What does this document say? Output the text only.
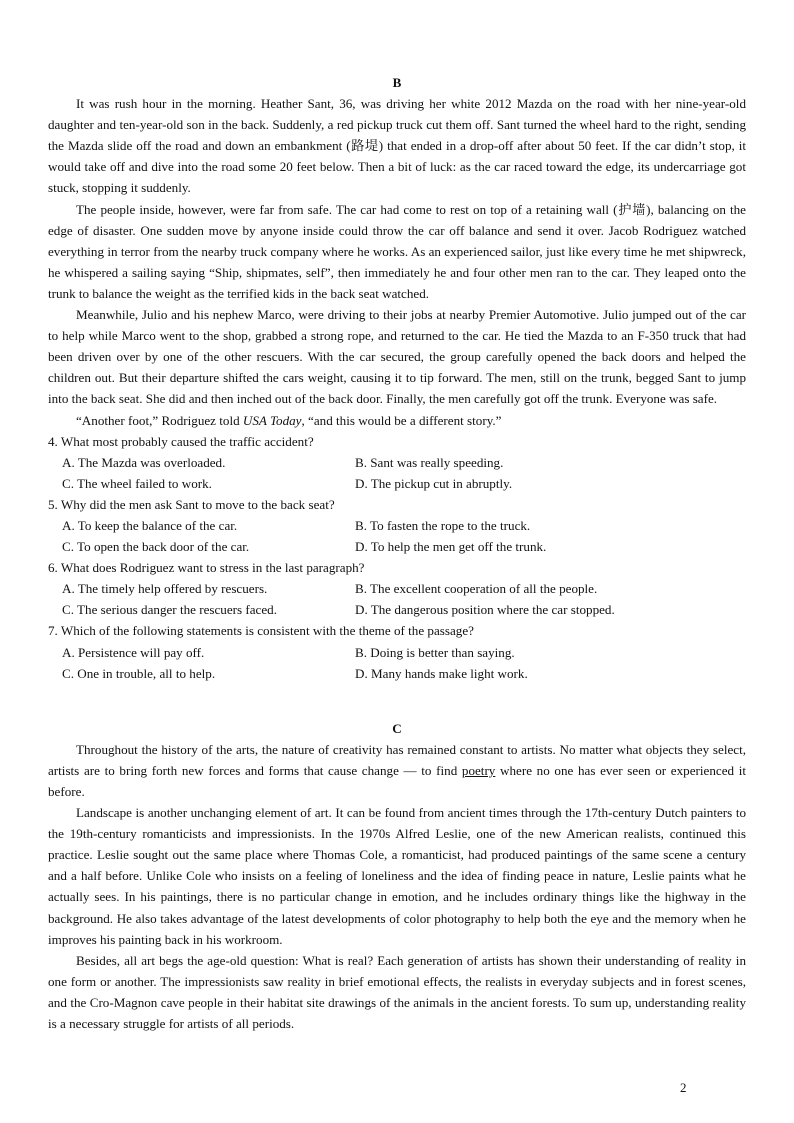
B

It was rush hour in the morning. Heather Sant, 36, was driving her white 2012 Mazda on the road with her nine-year-old daughter and ten-year-old son in the back. Suddenly, a red pickup truck cut them off. Sant turned the wheel hard to the right, sending the Mazda slide off the road and down an embankment (路堤) that ended in a drop-off after about 50 feet. If the car didn’t stop, it would take off and dive into the road some 20 feet below. Then a bit of luck: as the car raced toward the edge, its undercarriage got stuck, stopping it suddenly.

The people inside, however, were far from safe. The car had come to rest on top of a retaining wall (护墙), balancing on the edge of disaster. One sudden move by anyone inside could throw the car off balance and send it over. Jacob Rodriguez watched everything in terror from the nearby truck company where he works. As an experienced sailor, just like every time he met shipwreck, he whispered a sailing saying “Ship, shipmates, self”, then immediately he and four other men ran to the car. They leaped onto the trunk to balance the weight as the terrified kids in the back seat watched.

Meanwhile, Julio and his nephew Marco, were driving to their jobs at nearby Premier Automotive. Julio jumped out of the car to help while Marco went to the shop, grabbed a strong rope, and returned to the car. He tied the Mazda to an F-350 truck that had been driven over by one of the other rescuers. With the car secured, the group carefully opened the back doors and helped the children out. But their departure shifted the cars weight, causing it to tip forward. The men, still on the trunk, begged Sant to jump into the back seat. She did and then inched out of the back door. Finally, the men carefully got off the trunk. Everyone was safe.

“Another foot,” Rodriguez told USA Today, “and this would be a different story.”

4. What most probably caused the traffic accident?

A. The Mazda was overloaded.	B. Sant was really speeding.
C. The wheel failed to work.	D. The pickup cut in abruptly.

5. Why did the men ask Sant to move to the back seat?

A. To keep the balance of the car.	B. To fasten the rope to the truck.
C. To open the back door of the car.	D. To help the men get off the trunk.

6. What does Rodriguez want to stress in the last paragraph?

A. The timely help offered by rescuers.	B. The excellent cooperation of all the people.
C. The serious danger the rescuers faced.	D. The dangerous position where the car stopped.

7. Which of the following statements is consistent with the theme of the passage?

A. Persistence will pay off.	B. Doing is better than saying.
C. One in trouble, all to help.	D. Many hands make light work.

C

Throughout the history of the arts, the nature of creativity has remained constant to artists. No matter what objects they select, artists are to bring forth new forces and forms that cause change — to find poetry where no one has ever seen or experienced it before.

Landscape is another unchanging element of art. It can be found from ancient times through the 17th-century Dutch painters to the 19th-century romanticists and impressionists. In the 1970s Alfred Leslie, one of the new American realists, continued this practice. Leslie sought out the same place where Thomas Cole, a romanticist, had produced paintings of the same scene a century and a half before. Unlike Cole who insists on a feeling of loneliness and the idea of finding peace in nature, Leslie paints what he actually sees. In his paintings, there is no particular change in emotion, and he includes ordinary things like the highway in the background. He also takes advantage of the latest developments of color photography to help both the eye and the memory when he improves his painting back in his workroom.

Besides, all art begs the age-old question: What is real? Each generation of artists has shown their understanding of reality in one form or another. The impressionists saw reality in brief emotional effects, the realists in everyday subjects and in forest scenes, and the Cro-Magnon cave people in their habitat site drawings of the animals in the ancient forests. To sum up, understanding reality is a necessary struggle for artists of all periods.

2
